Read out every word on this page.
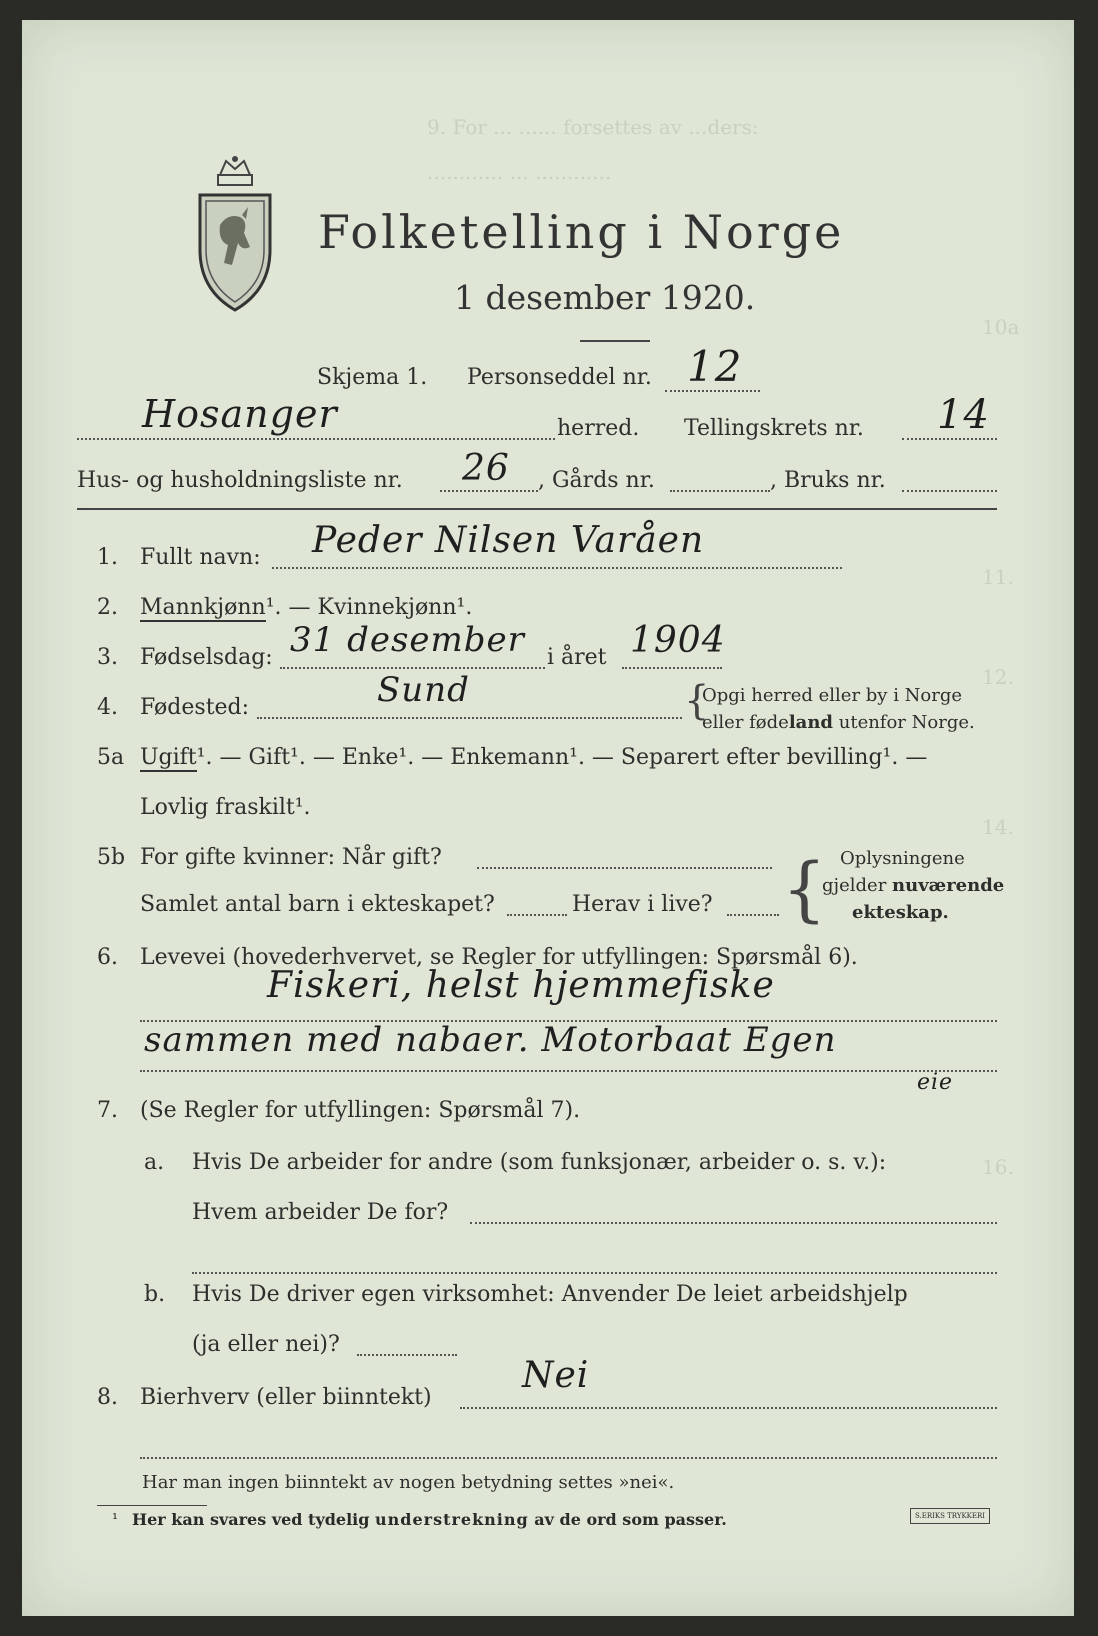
9. For ... ...... forsettes av ...ders:
............ ... ............
10a
11.
12.
14.
16.
Folketelling i Norge
1 desember 1920.
Skjema 1. Personseddel nr. 12
Hosanger	herred. Tellingskrets nr. 14
Hus- og husholdningsliste nr. 26 , Gårds nr.	, Bruks nr.
1. Fullt navn: Peder Nilsen Varåen
2. Mannkjønn¹. — Kvinnekjønn¹.
3. Fødselsdag: 31 desember i året 1904
4. Fødested:	Sund	{
Opgi herred eller by i Norge
eller fødeland utenfor Norge.
5a Ugift¹. — Gift¹. — Enke¹. — Enkemann¹. — Separert efter bevilling¹. —
Lovlig fraskilt¹.
5b For gifte kvinner: Når gift?
Samlet antal barn i ekteskapet?	Herav i live? { Oplysningene
gjelder nuværende
ekteskap.
6. Levevei (hovederhvervet, se Regler for utfyllingen: Spørsmål 6).
Fiskeri, helst hjemmefiske
sammen med nabaer. Motorbaat Egen
eie
7. (Se Regler for utfyllingen: Spørsmål 7).
a. Hvis De arbeider for andre (som funksjonær, arbeider o. s. v.):
Hvem arbeider De for?
b. Hvis De driver egen virksomhet: Anvender De leiet arbeidshjelp
(ja eller nei)?
8. Bierhverv (eller biinntekt)
Nei
Har man ingen biinntekt av nogen betydning settes »nei«.
¹ Her kan svares ved tydelig understrekning av de ord som passer.	S.ERIKS TRYKKERI
